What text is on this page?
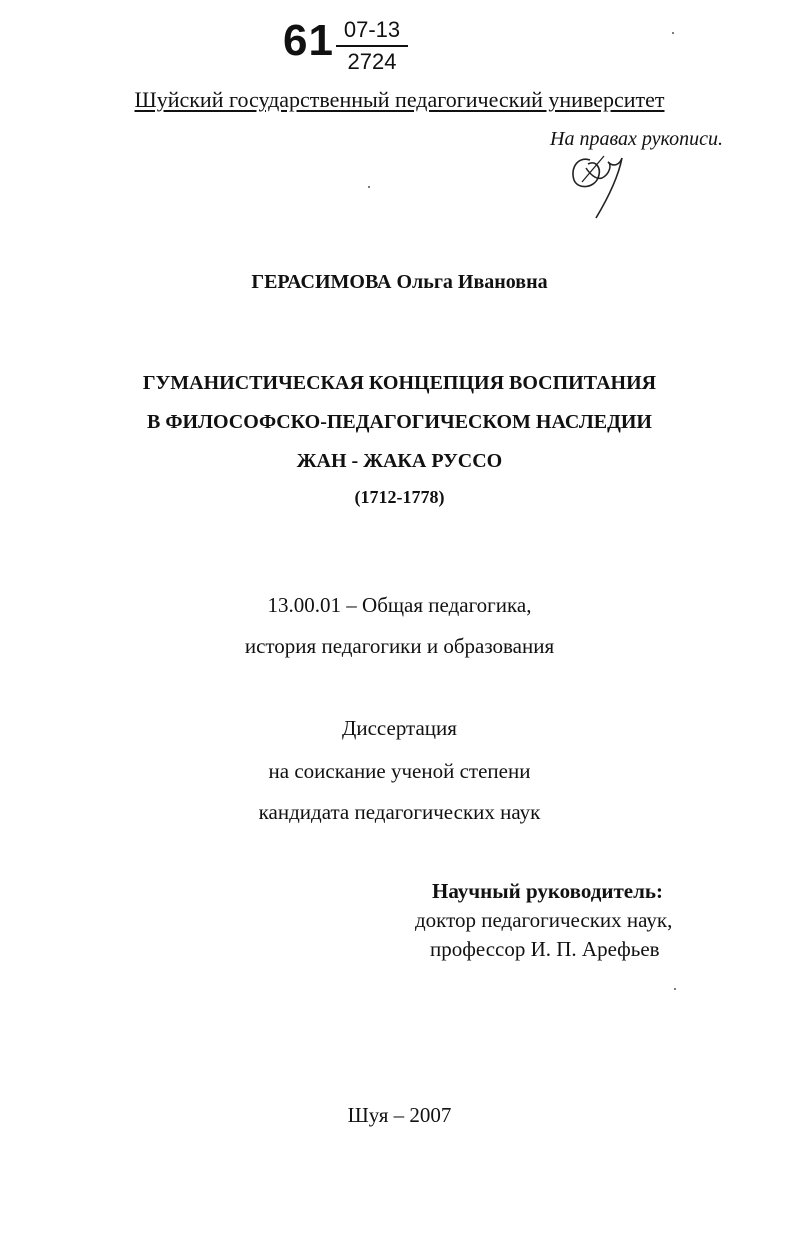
61 07-13
2724
Шуйский государственный педагогический университет
На правах рукописи.
ГЕРАСИМОВА Ольга Ивановна
ГУМАНИСТИЧЕСКАЯ КОНЦЕПЦИЯ ВОСПИТАНИЯ
В ФИЛОСОФСКО-ПЕДАГОГИЧЕСКОМ НАСЛЕДИИ
ЖАН - ЖАКА РУССО
(1712-1778)
13.00.01 – Общая педагогика,
история педагогики и образования
Диссертация
на соискание ученой степени
кандидата педагогических наук
Научный руководитель:
доктор педагогических наук,
профессор И. П. Арефьев
Шуя – 2007
